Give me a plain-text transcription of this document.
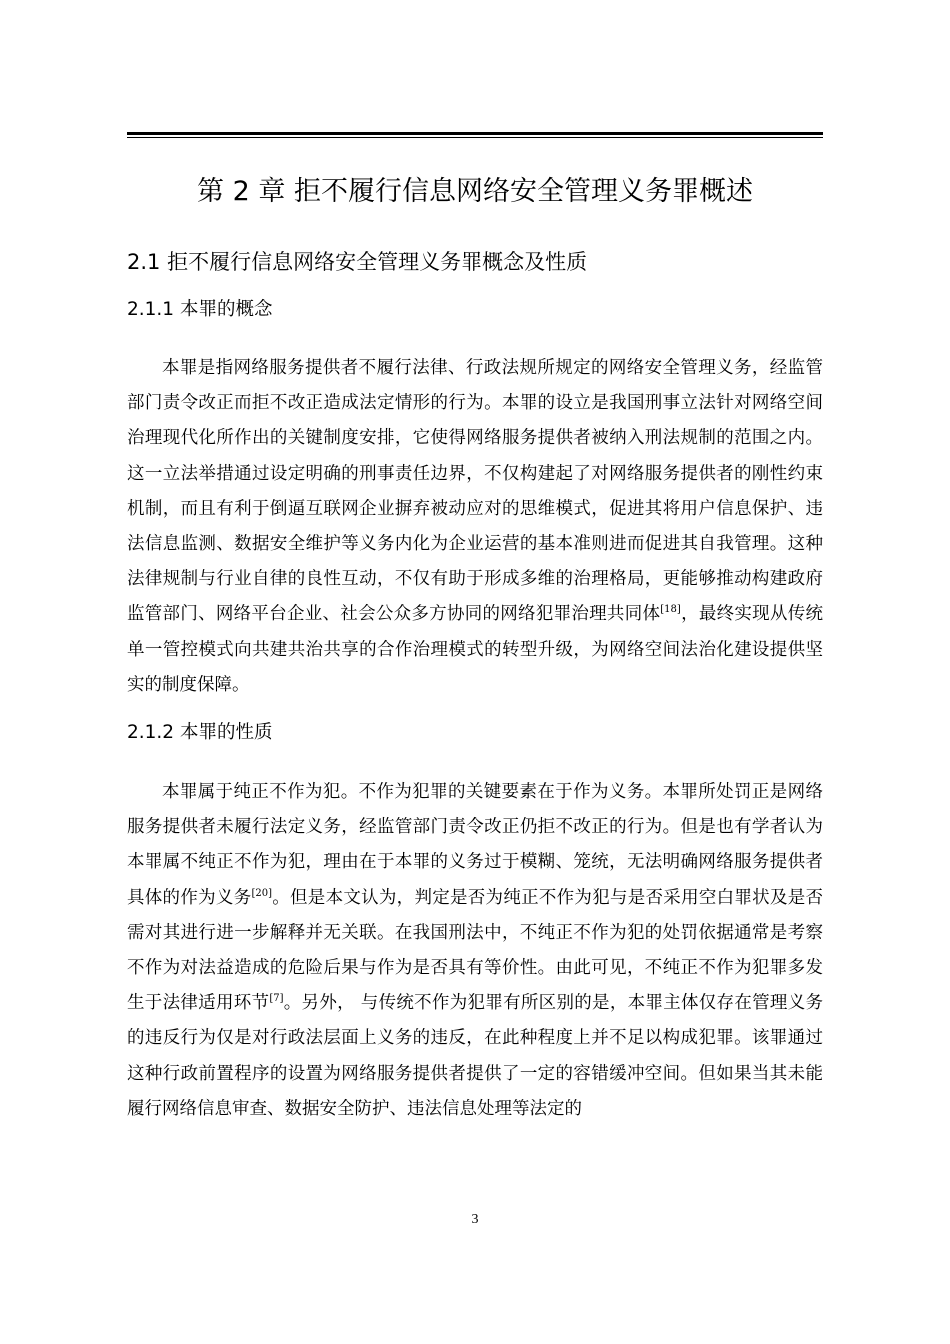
第 2 章 拒不履行信息网络安全管理义务罪概述
2.1 拒不履行信息网络安全管理义务罪概念及性质
2.1.1 本罪的概念

本罪是指网络服务提供者不履行法律、行政法规所规定的网络安全管理义务，经监管部门责令改正而拒不改正造成法定情形的行为。本罪的设立是我国刑事立法针对网络空间治理现代化所作出的关键制度安排，它使得网络服务提供者被纳入刑法规制的范围之内。这一立法举措通过设定明确的刑事责任边界，不仅构建起了对网络服务提供者的刚性约束机制，而且有利于倒逼互联网企业摒弃被动应对的思维模式，促进其将用户信息保护、违法信息监测、数据安全维护等义务内化为企业运营的基本准则进而促进其自我管理。这种法律规制与行业自律的良性互动，不仅有助于形成多维的治理格局，更能够推动构建政府监管部门、网络平台企业、社会公众多方协同的网络犯罪治理共同体[18]，最终实现从传统单一管控模式向共建共治共享的合作治理模式的转型升级，为网络空间法治化建设提供坚实的制度保障。

2.1.2 本罪的性质

本罪属于纯正不作为犯。不作为犯罪的关键要素在于作为义务。本罪所处罚正是网络服务提供者未履行法定义务，经监管部门责令改正仍拒不改正的行为。但是也有学者认为本罪属不纯正不作为犯，理由在于本罪的义务过于模糊、笼统，无法明确网络服务提供者具体的作为义务[20]。但是本文认为，判定是否为纯正不作为犯与是否采用空白罪状及是否需对其进行进一步解释并无关联。在我国刑法中，不纯正不作为犯的处罚依据通常是考察不作为对法益造成的危险后果与作为是否具有等价性。由此可见，不纯正不作为犯罪多发生于法律适用环节[7]。另外， 与传统不作为犯罪有所区别的是，本罪主体仅存在管理义务的违反行为仅是对行政法层面上义务的违反，在此种程度上并不足以构成犯罪。该罪通过这种行政前置程序的设置为网络服务提供者提供了一定的容错缓冲空间。但如果当其未能履行网络信息审查、数据安全防护、违法信息处理等法定的

3
